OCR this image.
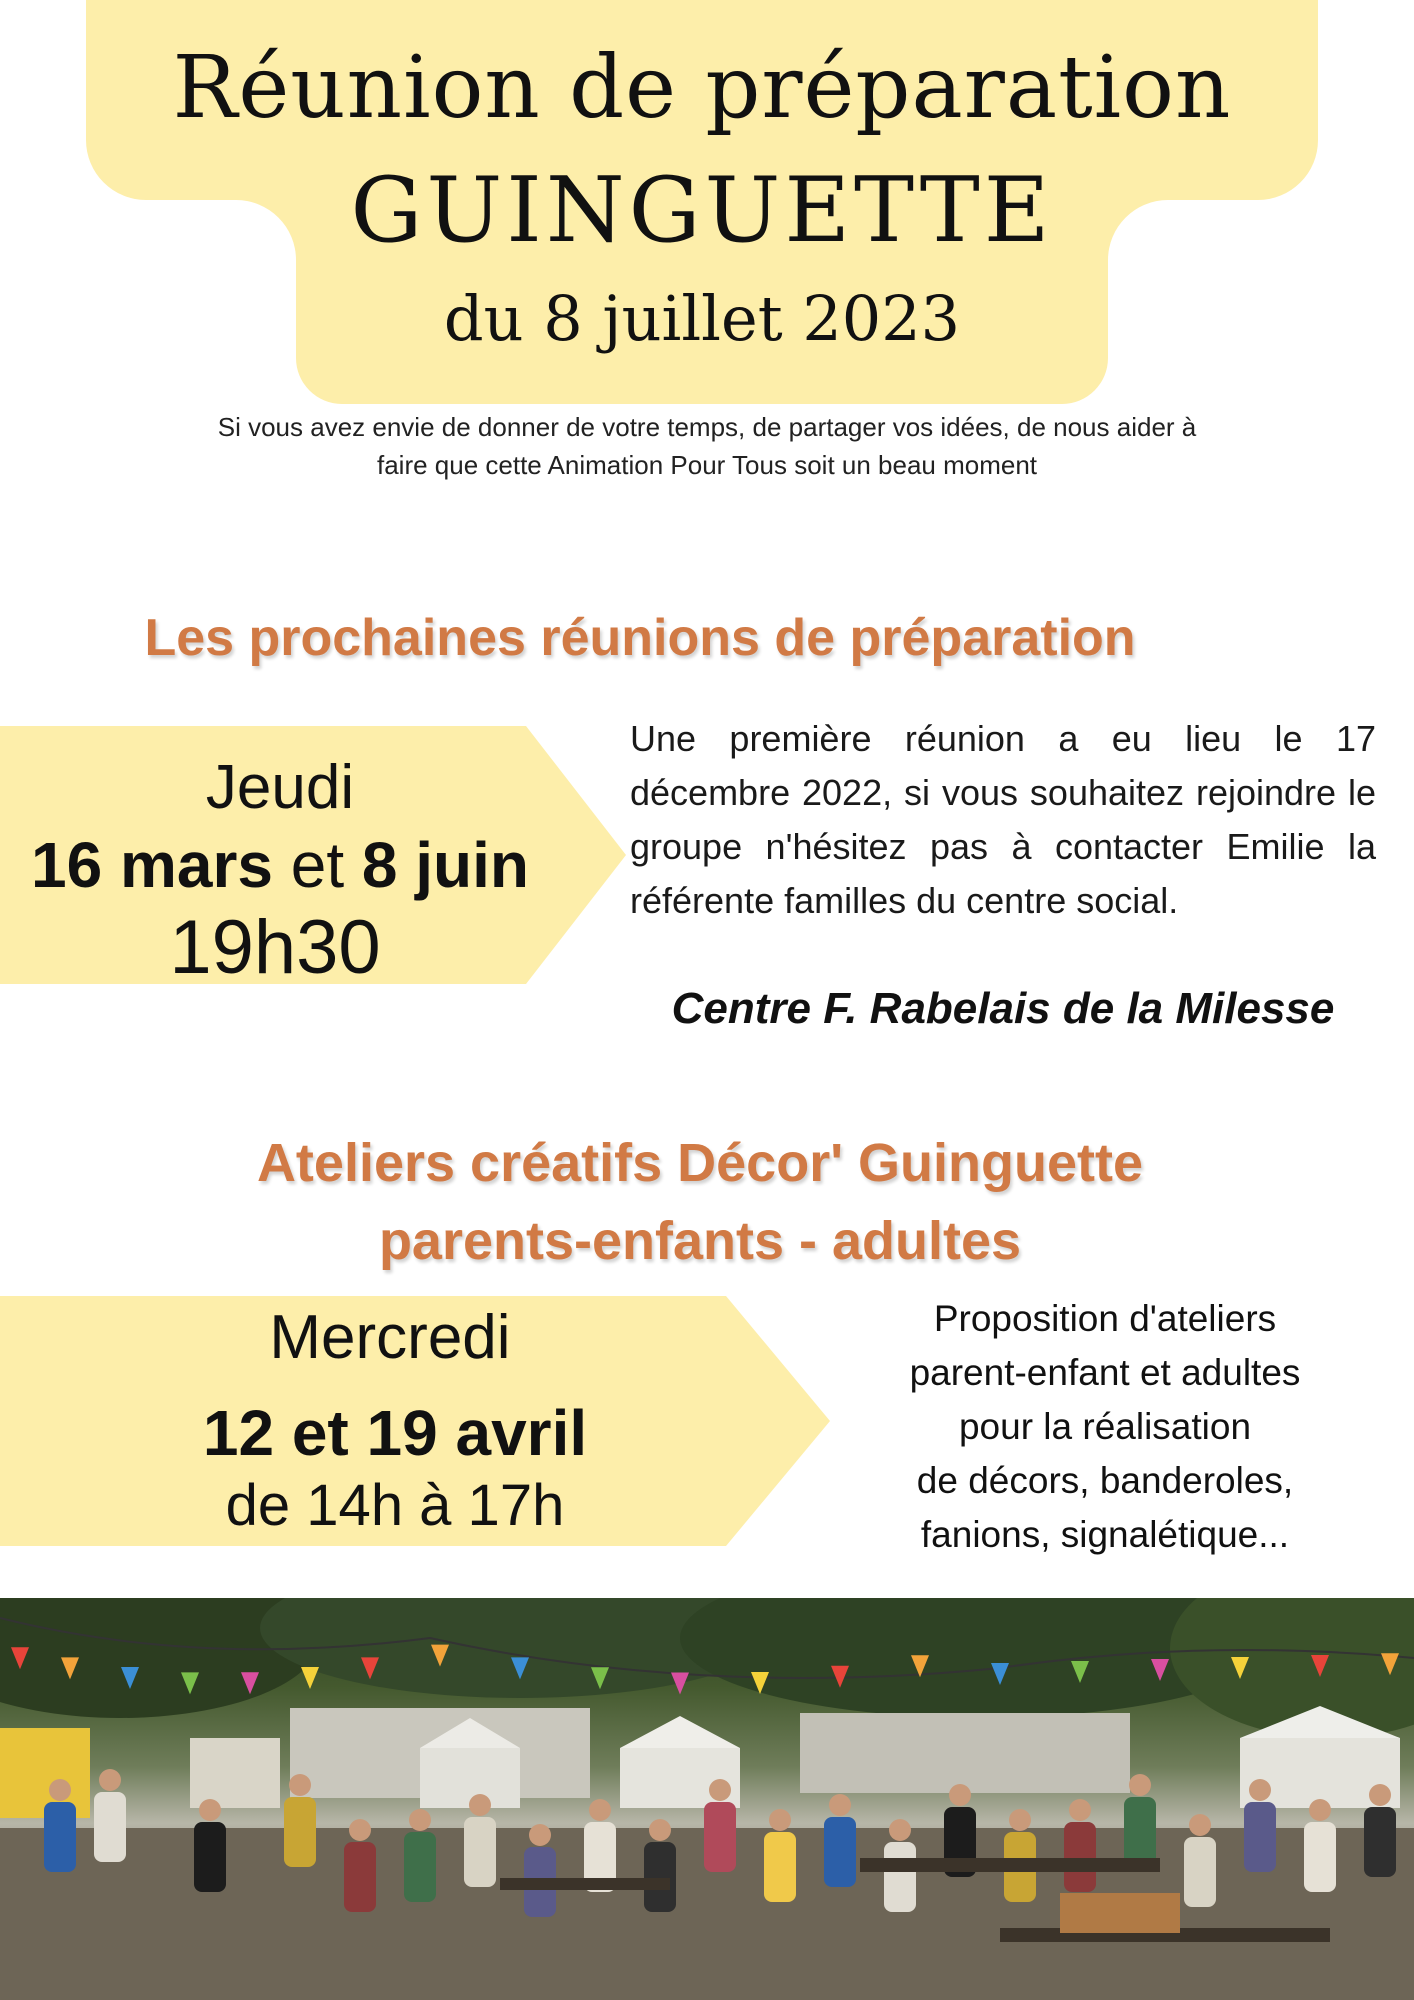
Réunion de préparation
GUINGUETTE
du 8 juillet 2023
Si vous avez envie de donner de votre temps, de partager vos idées, de nous aider à
faire que cette Animation Pour Tous soit un beau moment
Les prochaines réunions de préparation
Jeudi
16 mars et 8 juin
19h30
Une première réunion a eu lieu le 17 décembre 2022, si vous souhaitez rejoindre le groupe n'hésitez pas à contacter Emilie la référente familles du centre social.
Centre F. Rabelais de la Milesse
Ateliers créatifs Décor' Guinguette
parents-enfants - adultes
Mercredi
12 et 19 avril
de 14h à 17h
Proposition d'ateliers
parent-enfant et adultes
pour la réalisation
de décors, banderoles,
fanions, signalétique...
